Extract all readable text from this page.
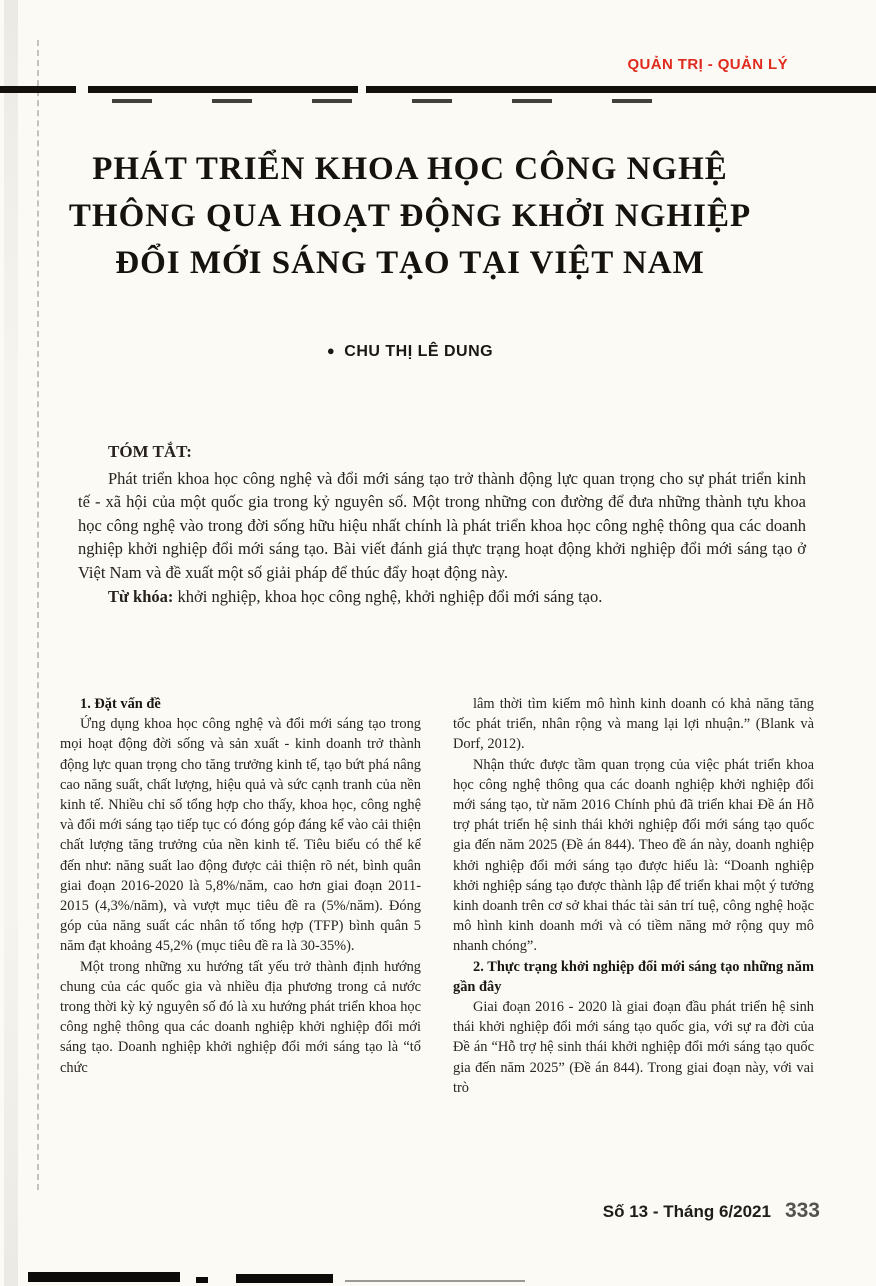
QUẢN TRỊ - QUẢN LÝ
PHÁT TRIỂN KHOA HỌC CÔNG NGHỆ
THÔNG QUA HOẠT ĐỘNG KHỞI NGHIỆP
ĐỔI MỚI SÁNG TẠO TẠI VIỆT NAM
● CHU THỊ LÊ DUNG
TÓM TẮT:

Phát triển khoa học công nghệ và đổi mới sáng tạo trở thành động lực quan trọng cho sự phát triển kinh tế - xã hội của một quốc gia trong kỷ nguyên số. Một trong những con đường để đưa những thành tựu khoa học công nghệ vào trong đời sống hữu hiệu nhất chính là phát triển khoa học công nghệ thông qua các doanh nghiệp khởi nghiệp đổi mới sáng tạo. Bài viết đánh giá thực trạng hoạt động khởi nghiệp đổi mới sáng tạo ở Việt Nam và đề xuất một số giải pháp để thúc đẩy hoạt động này.

Từ khóa: khởi nghiệp, khoa học công nghệ, khởi nghiệp đổi mới sáng tạo.

1. Đặt vấn đề

Ứng dụng khoa học công nghệ và đổi mới sáng tạo trong mọi hoạt động đời sống và sản xuất - kinh doanh trở thành động lực quan trọng cho tăng trưởng kinh tế, tạo bứt phá nâng cao năng suất, chất lượng, hiệu quả và sức cạnh tranh của nền kinh tế. Nhiều chỉ số tổng hợp cho thấy, khoa học, công nghệ và đổi mới sáng tạo tiếp tục có đóng góp đáng kể vào cải thiện chất lượng tăng trưởng của nền kinh tế. Tiêu biểu có thể kể đến như: năng suất lao động được cải thiện rõ nét, bình quân giai đoạn 2016-2020 là 5,8%/năm, cao hơn giai đoạn 2011-2015 (4,3%/năm), và vượt mục tiêu đề ra (5%/năm). Đóng góp của năng suất các nhân tố tổng hợp (TFP) bình quân 5 năm đạt khoảng 45,2% (mục tiêu đề ra là 30-35%).

Một trong những xu hướng tất yếu trở thành định hướng chung của các quốc gia và nhiều địa phương trong cả nước trong thời kỳ kỷ nguyên số đó là xu hướng phát triển khoa học công nghệ thông qua các doanh nghiệp khởi nghiệp đổi mới sáng tạo. Doanh nghiệp khởi nghiệp đổi mới sáng tạo là “tổ chức

lâm thời tìm kiếm mô hình kinh doanh có khả năng tăng tốc phát triển, nhân rộng và mang lại lợi nhuận.” (Blank và Dorf, 2012).

Nhận thức được tầm quan trọng của việc phát triển khoa học công nghệ thông qua các doanh nghiệp khởi nghiệp đổi mới sáng tạo, từ năm 2016 Chính phủ đã triển khai Đề án Hỗ trợ phát triển hệ sinh thái khởi nghiệp đổi mới sáng tạo quốc gia đến năm 2025 (Đề án 844). Theo đề án này, doanh nghiệp khởi nghiệp đổi mới sáng tạo được hiểu là: “Doanh nghiệp khởi nghiệp sáng tạo được thành lập để triển khai một ý tưởng kinh doanh trên cơ sở khai thác tài sản trí tuệ, công nghệ hoặc mô hình kinh doanh mới và có tiềm năng mở rộng quy mô nhanh chóng”.

2. Thực trạng khởi nghiệp đổi mới sáng tạo những năm gần đây

Giai đoạn 2016 - 2020 là giai đoạn đầu phát triển hệ sinh thái khởi nghiệp đổi mới sáng tạo quốc gia, với sự ra đời của Đề án “Hỗ trợ hệ sinh thái khởi nghiệp đổi mới sáng tạo quốc gia đến năm 2025” (Đề án 844). Trong giai đoạn này, với vai trò

Số 13 - Tháng 6/2021 333
